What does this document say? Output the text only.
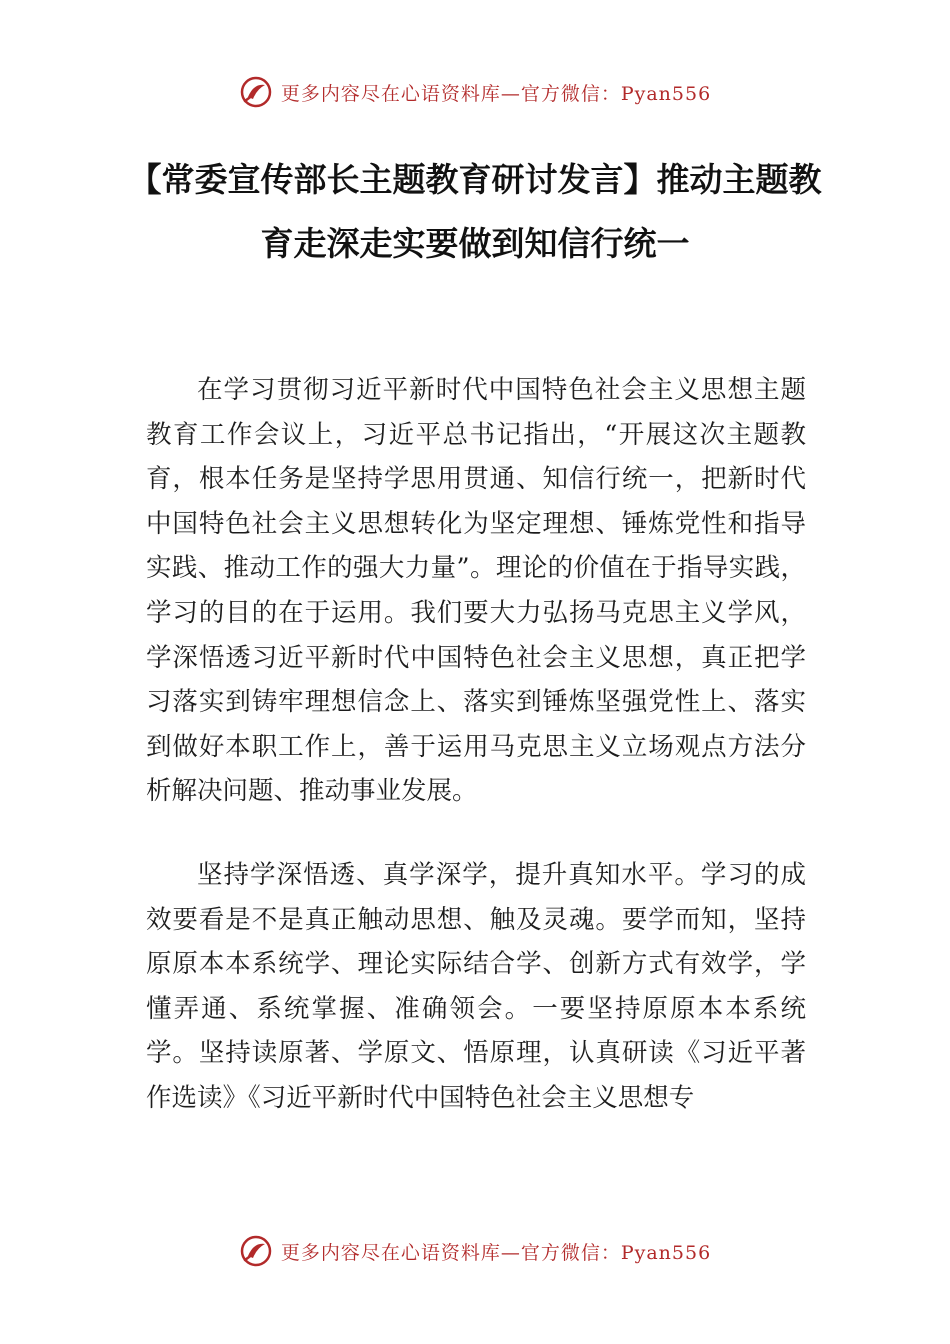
更多内容尽在心语资料库—官方微信：Pyan556
【常委宣传部长主题教育研讨发言】推动主题教育走深走实要做到知信行统一

在学习贯彻习近平新时代中国特色社会主义思想主题教育工作会议上，习近平总书记指出，“开展这次主题教育，根本任务是坚持学思用贯通、知信行统一，把新时代中国特色社会主义思想转化为坚定理想、锤炼党性和指导实践、推动工作的强大力量”。理论的价值在于指导实践，学习的目的在于运用。我们要大力弘扬马克思主义学风，学深悟透习近平新时代中国特色社会主义思想，真正把学习落实到铸牢理想信念上、落实到锤炼坚强党性上、落实到做好本职工作上，善于运用马克思主义立场观点方法分析解决问题、推动事业发展。

坚持学深悟透、真学深学，提升真知水平。学习的成效要看是不是真正触动思想、触及灵魂。要学而知，坚持原原本本系统学、理论实际结合学、创新方式有效学，学懂弄通、系统掌握、准确领会。一要坚持原原本本系统学。坚持读原著、学原文、悟原理，认真研读《习近平著作选读》《习近平新时代中国特色社会主义思想专

更多内容尽在心语资料库—官方微信：Pyan556
